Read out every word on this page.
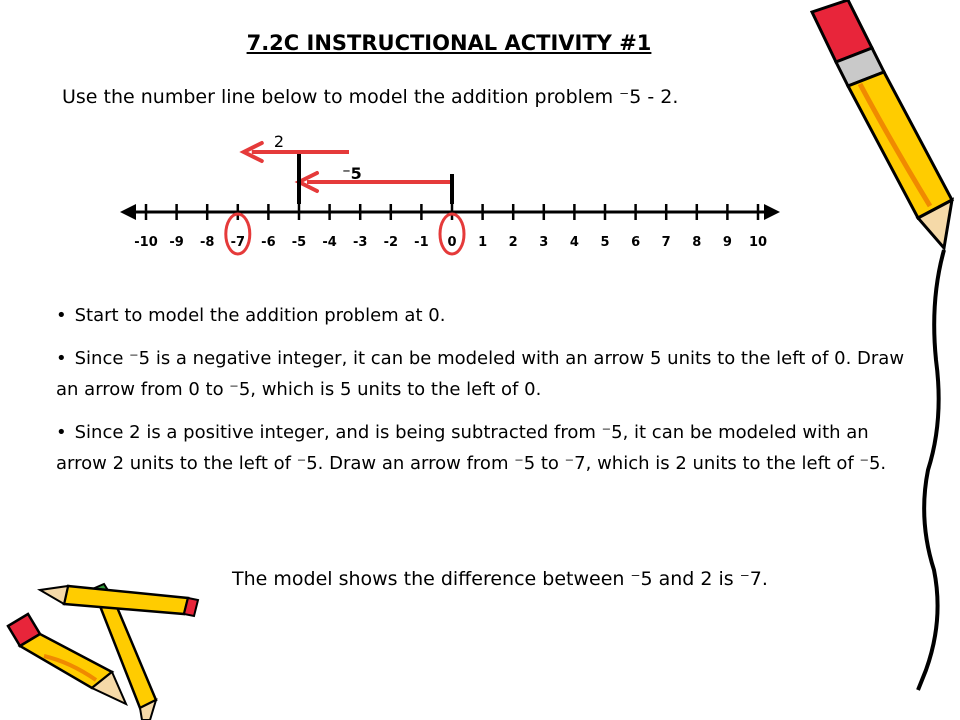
7.2C INSTRUCTIONAL ACTIVITY #1
Use the number line below to model the addition problem ⁻5 - 2.
-10 -9 -8 -7 -6 -5 -4 -3 -2 -1 0 1 2 3 4 5 6 7 8 9 10
⁻5
2
• Start to model the addition problem at 0.
• Since ⁻5 is a negative integer, it can be modeled with an arrow 5 units to the left of 0. Draw an arrow from 0 to ⁻5, which is 5 units to the left of 0.
• Since 2 is a positive integer, and is being subtracted from ⁻5, it can be modeled with an arrow 2 units to the left of ⁻5. Draw an arrow from ⁻5 to ⁻7, which is 2 units to the left of ⁻5.
The model shows the difference between ⁻5 and 2 is ⁻7.
